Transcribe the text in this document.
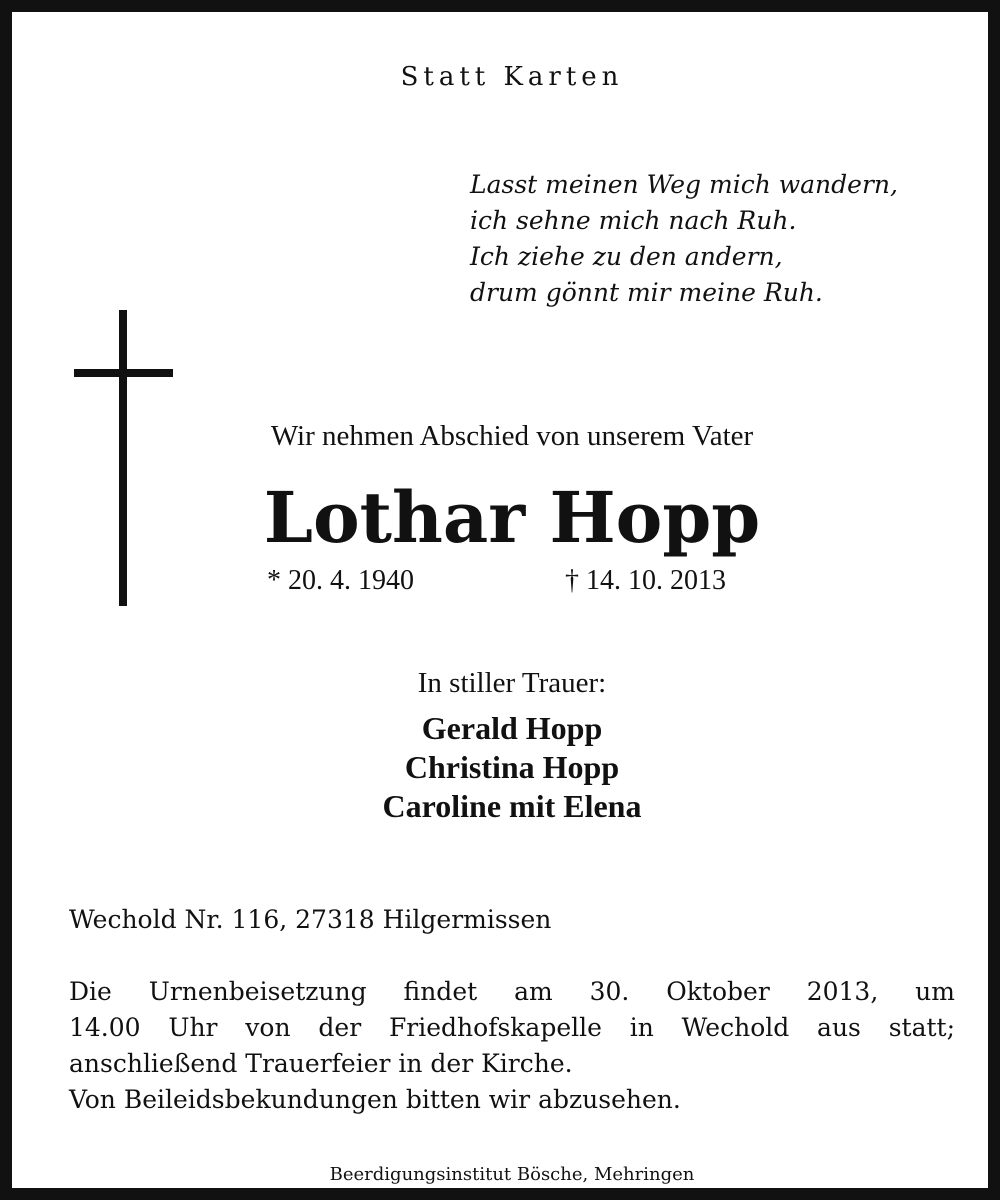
Statt Karten
Lasst meinen Weg mich wandern,
ich sehne mich nach Ruh.
Ich ziehe zu den andern,
drum gönnt mir meine Ruh.
Wir nehmen Abschied von unserem Vater
Lothar Hopp
* 20. 4. 1940	† 14. 10. 2013
In stiller Trauer:
Gerald Hopp
Christina Hopp
Caroline mit Elena
Wechold Nr. 116, 27318 Hilgermissen
Die Urnenbeisetzung findet am 30. Oktober 2013, um
14.00 Uhr von der Friedhofskapelle in Wechold aus statt;
anschließend Trauerfeier in der Kirche.
Von Beileidsbekundungen bitten wir abzusehen.
Beerdigungsinstitut Bösche, Mehringen
